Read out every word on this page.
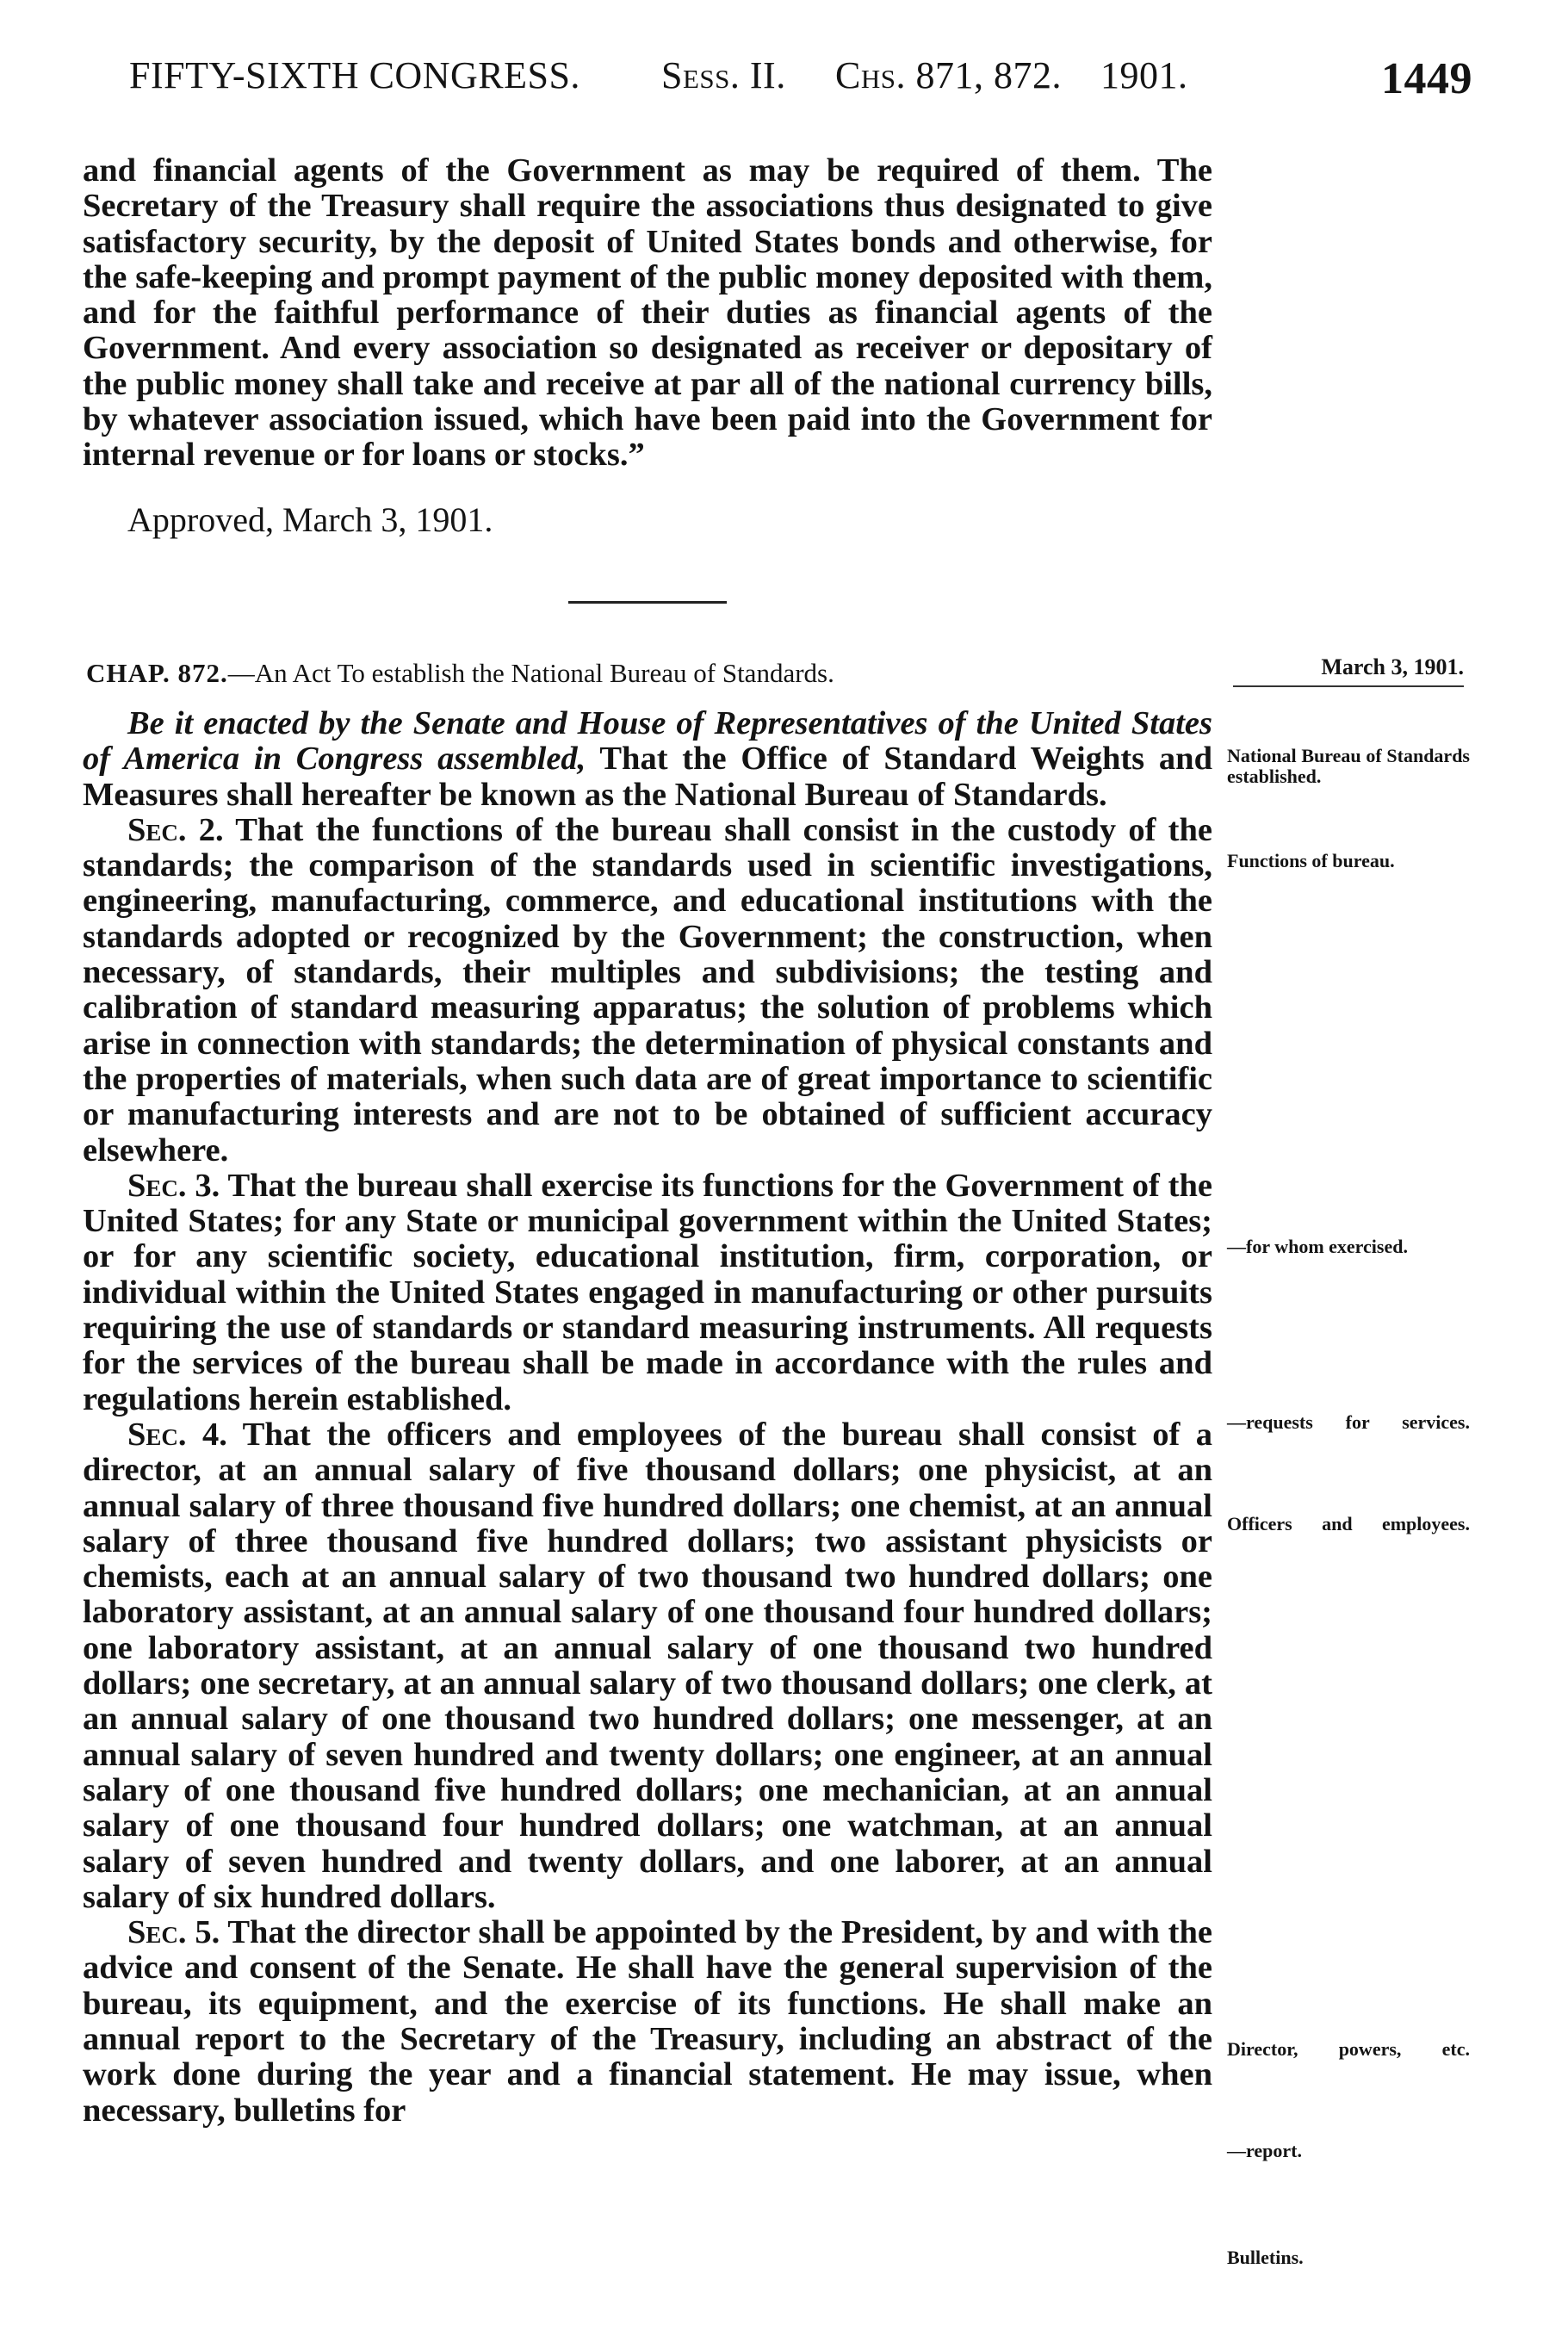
FIFTY-SIXTH CONGRESS. Sess. II. Chs. 871, 872. 1901.	1449

and financial agents of the Government as may be required of them. The Secretary of the Treasury shall require the associations thus designated to give satisfactory security, by the deposit of United States bonds and otherwise, for the safe-keeping and prompt payment of the public money deposited with them, and for the faithful performance of their duties as financial agents of the Government. And every association so designated as receiver or depositary of the public money shall take and receive at par all of the national currency bills, by whatever association issued, which have been paid into the Government for internal revenue or for loans or stocks.”

Approved, March 3, 1901.
CHAP. 872.—An Act To establish the National Bureau of Standards.	March 3, 1901.

Be it enacted by the Senate and House of Representatives of the United States of America in Congress assembled, That the Office of Standard Weights and Measures shall hereafter be known as the National Bureau of Standards.

Sec. 2. That the functions of the bureau shall consist in the custody of the standards; the comparison of the standards used in scientific investigations, engineering, manufacturing, commerce, and educational institutions with the standards adopted or recognized by the Government; the construction, when necessary, of standards, their multiples and subdivisions; the testing and calibration of standard measuring apparatus; the solution of problems which arise in connection with standards; the determination of physical constants and the properties of materials, when such data are of great importance to scientific or manufacturing interests and are not to be obtained of sufficient accuracy elsewhere.

Sec. 3. That the bureau shall exercise its functions for the Government of the United States; for any State or municipal government within the United States; or for any scientific society, educational institution, firm, corporation, or individual within the United States engaged in manufacturing or other pursuits requiring the use of standards or standard measuring instruments. All requests for the services of the bureau shall be made in accordance with the rules and regulations herein established.

Sec. 4. That the officers and employees of the bureau shall consist of a director, at an annual salary of five thousand dollars; one physicist, at an annual salary of three thousand five hundred dollars; one chemist, at an annual salary of three thousand five hundred dollars; two assistant physicists or chemists, each at an annual salary of two thousand two hundred dollars; one laboratory assistant, at an annual salary of one thousand four hundred dollars; one laboratory assistant, at an annual salary of one thousand two hundred dollars; one secretary, at an annual salary of two thousand dollars; one clerk, at an annual salary of one thousand two hundred dollars; one messenger, at an annual salary of seven hundred and twenty dollars; one engineer, at an annual salary of one thousand five hundred dollars; one mechanician, at an annual salary of one thousand four hundred dollars; one watchman, at an annual salary of seven hundred and twenty dollars, and one laborer, at an annual salary of six hundred dollars.

Sec. 5. That the director shall be appointed by the President, by and with the advice and consent of the Senate. He shall have the general supervision of the bureau, its equipment, and the exercise of its functions. He shall make an annual report to the Secretary of the Treasury, including an abstract of the work done during the year and a financial statement. He may issue, when necessary, bulletins for

National Bureau of Standards established.
Functions of bureau.
—for whom exercised.
—requests for services.
Officers and employees.
Director, powers, etc.
—report.
Bulletins.
